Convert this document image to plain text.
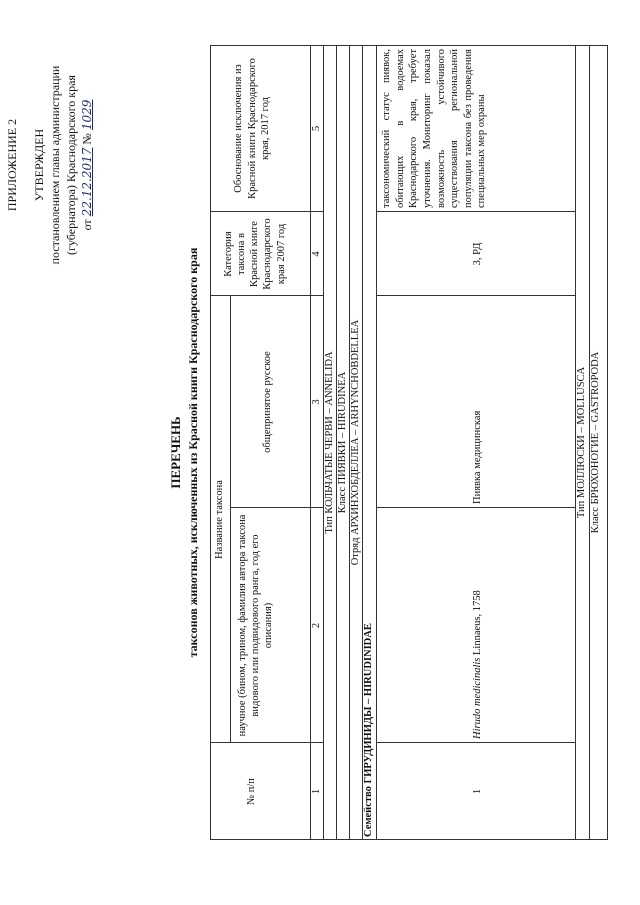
ПРИЛОЖЕНИЕ 2 УТВЕРЖДЕН постановлением главы администрации (губернатора) Краснодарского края от 22.12.2017 № 1029
ПЕРЕЧЕНЬ таксонов животных, исключенных из Красной книги Краснодарского края
№ п/п
Название таксона научное (бином, трином, фамилия автора таксона видового или подвидового ранга, год его описания)
общепринятое русское
Категория таксона в Красной книге Краснодарского края 2007 год
Обоснование исключения из Красной книги Краснодарского края, 2017 год
1
2
3
4
5
Тип КОЛЬЧАТЫЕ ЧЕРВИ – ANNELIDA Класс ПИЯВКИ – HIRUDINEA Отряд АРХИНХОБДЕЛЛЕА – ARHYNCHOBDELLEA
Семейство ГИРУДИНИДЫ – HIRUDINIDAE	1
Hirudo medicinalis Linnaeus, 1758
Пиявка медицинская
3, РД
таксономический статус пиявок, обитающих в водоемах Краснодарского края, требует уточнения. Мониторинг показал возможность устойчивого существования региональной популяции таксона без проведения специальных мер охраны
Тип МОЛЛЮСКИ – MOLLUSCA Класс БРЮХОНОГИЕ – GASTROPODA
